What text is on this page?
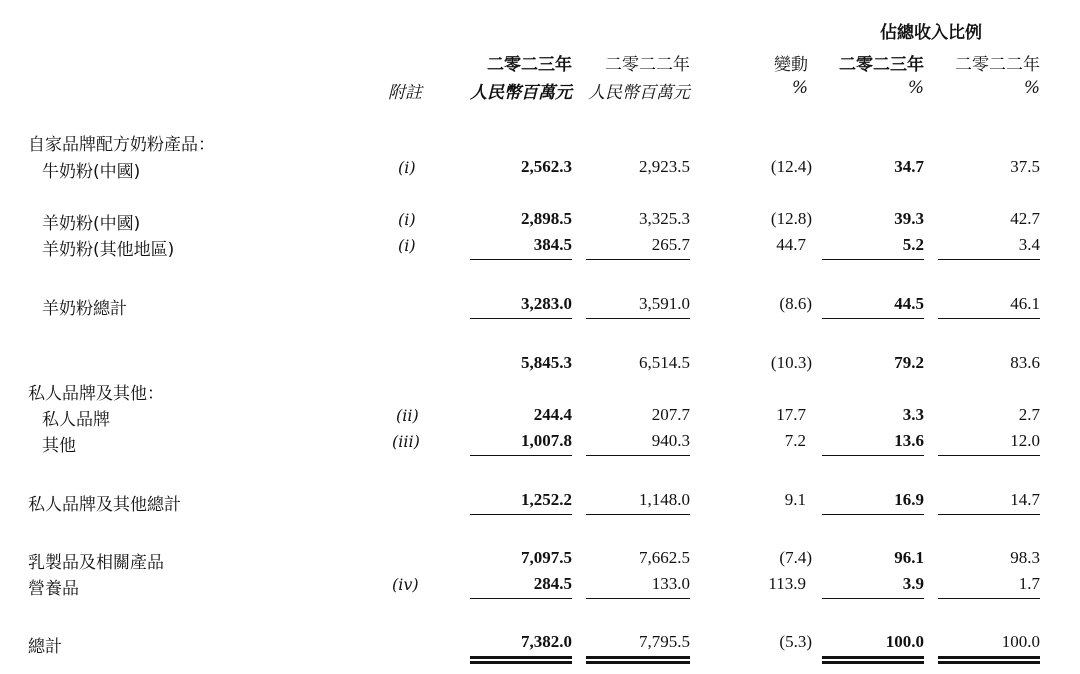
佔總收入比例
二零二三年 二零二二年	變動 二零二三年 二零二二年
附註	人民幣百萬元 人民幣百萬元	%	%	%
自家品牌配方奶粉產品：
牛奶粉(中國)	(i)	2,562.3	2,923.5	(12.4)	34.7	37.5
羊奶粉(中國)	(i)	2,898.5	3,325.3	(12.8)	39.3	42.7
羊奶粉(其他地區)	(i)	384.5	265.7	44.7	5.2	3.4
羊奶粉總計	3,283.0	3,591.0	(8.6)	44.5	46.1
5,845.3	6,514.5	(10.3)	79.2	83.6
私人品牌及其他：
私人品牌	(ii)	244.4	207.7	17.7	3.3	2.7
其他	(iii)	1,007.8	940.3	7.2	13.6	12.0
私人品牌及其他總計	1,252.2	1,148.0	9.1	16.9	14.7
乳製品及相關產品	7,097.5	7,662.5	(7.4)	96.1	98.3
營養品	(iv)	284.5	133.0	113.9	3.9	1.7
總計	7,382.0	7,795.5	(5.3)	100.0	100.0
